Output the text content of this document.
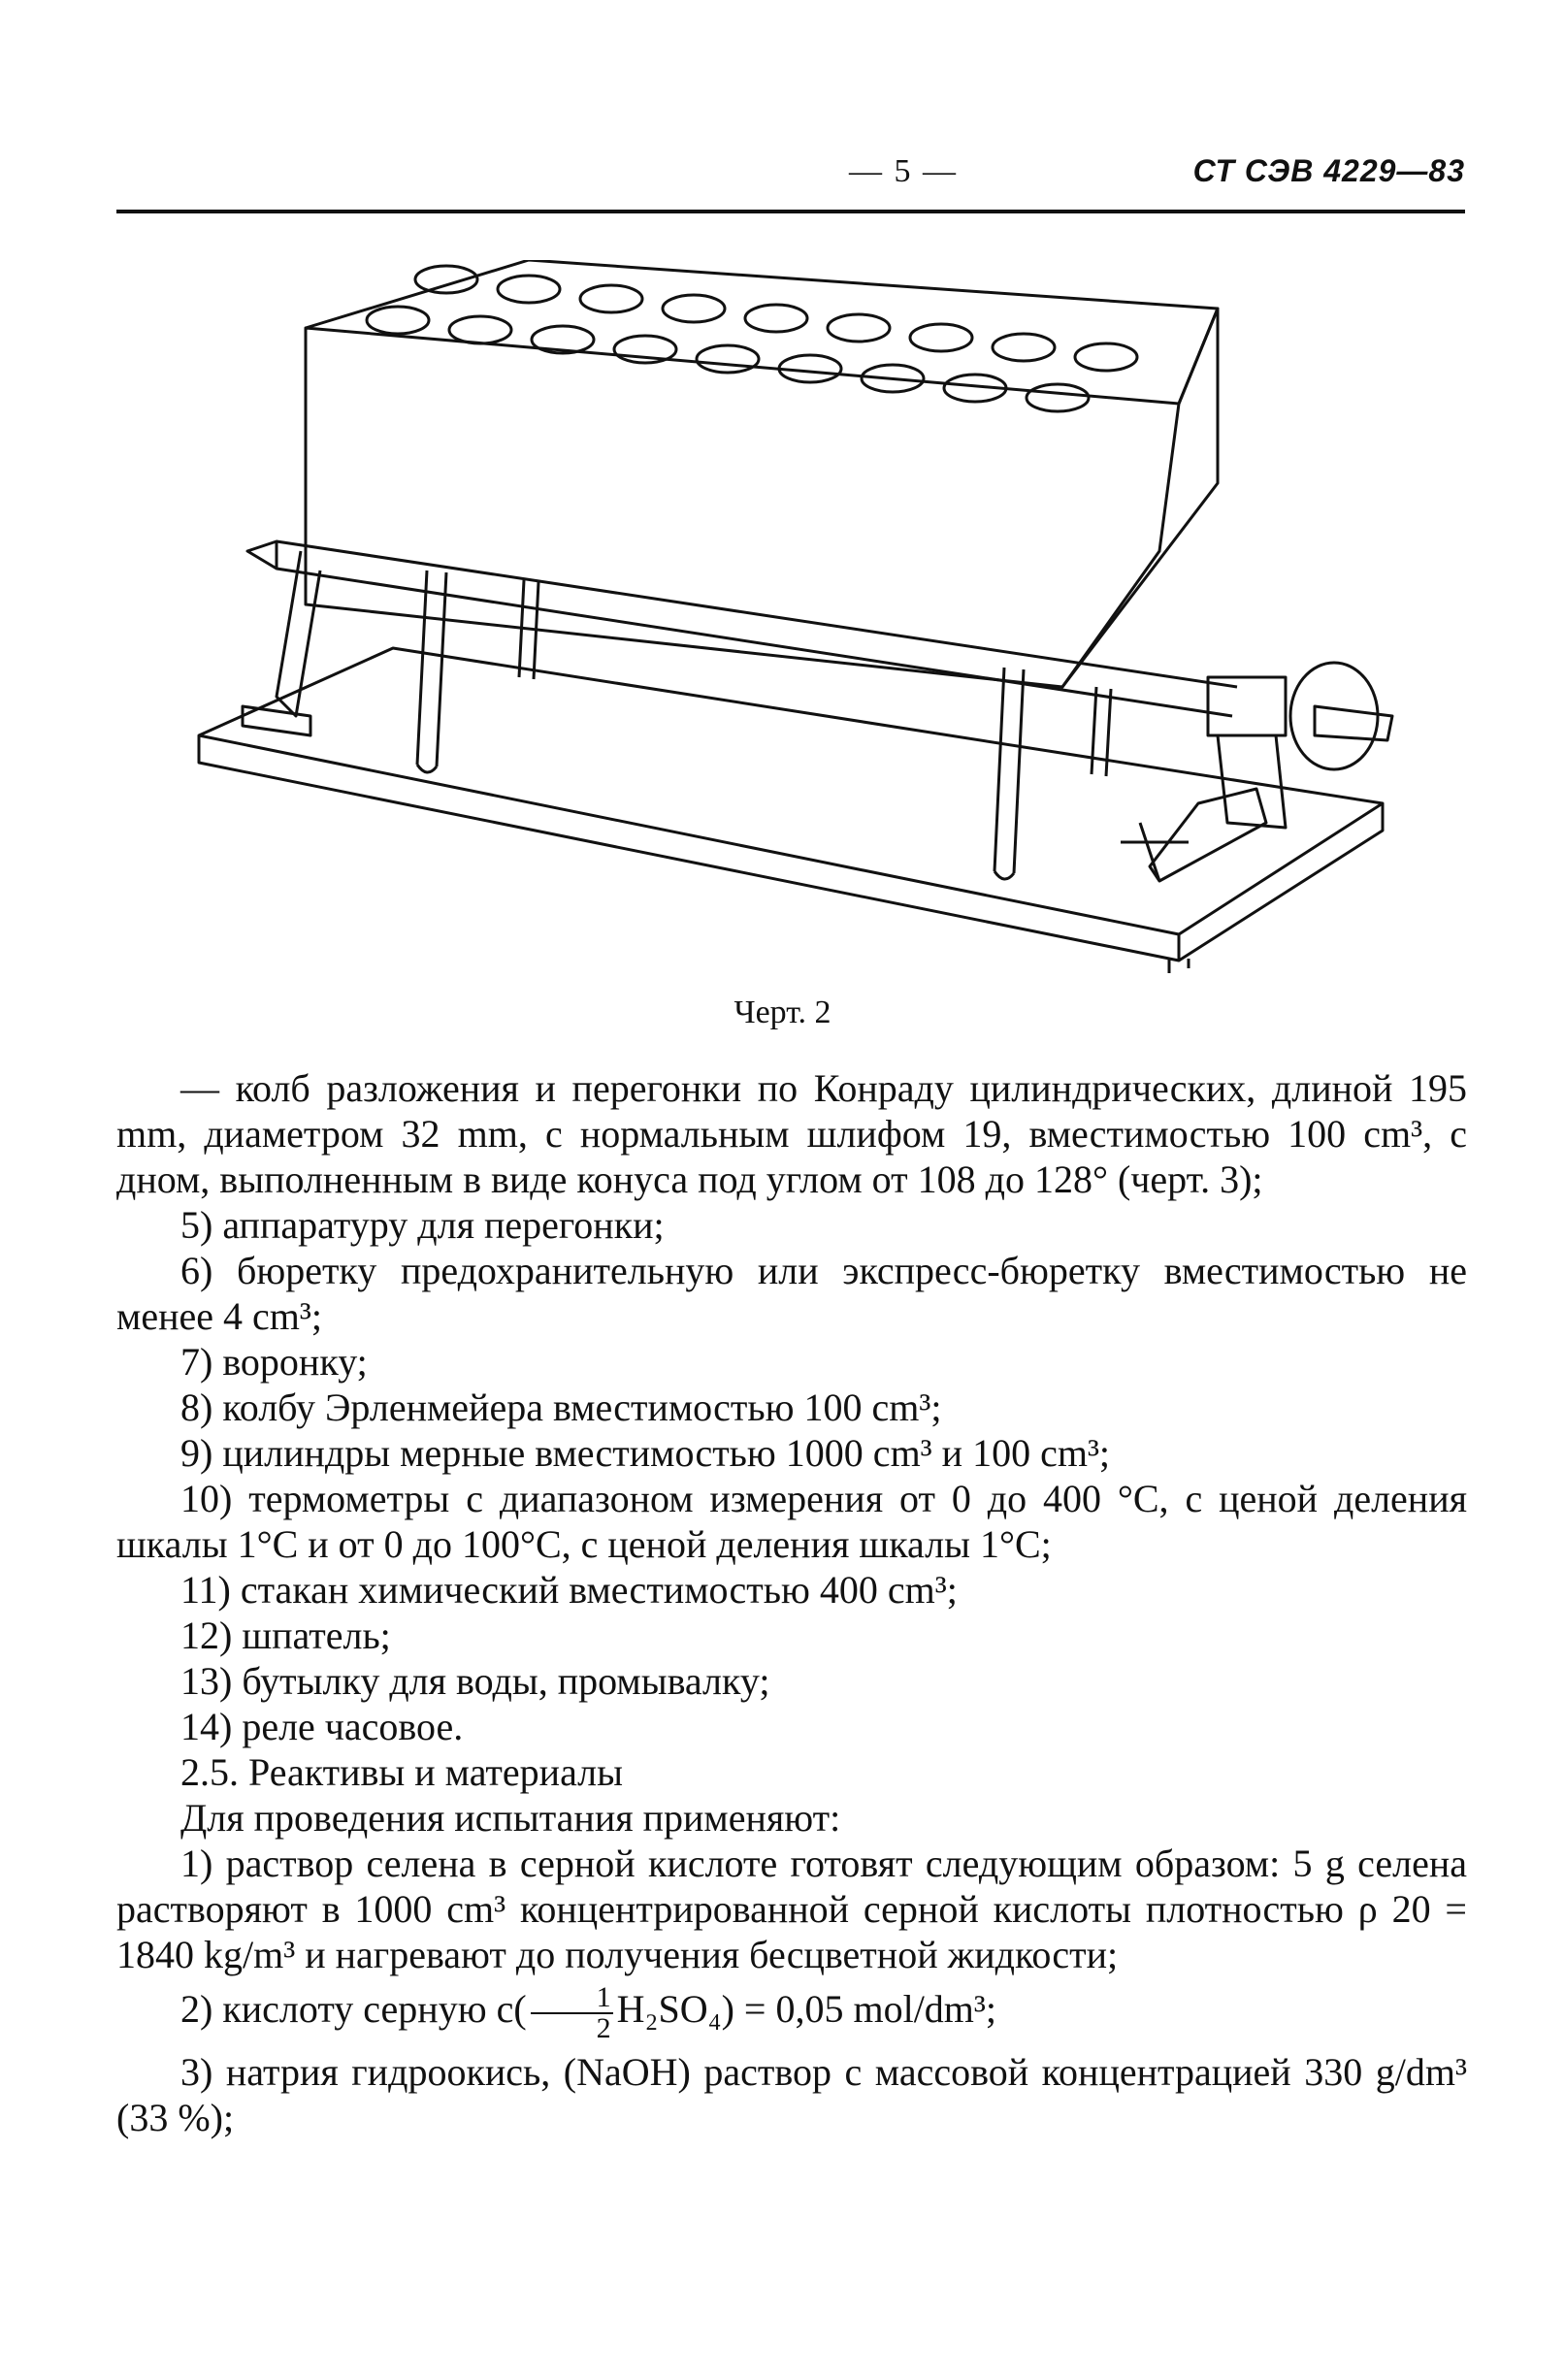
— 5 —	СТ СЭВ 4229—83
Черт. 2

— колб разложения и перегонки по Конраду цилиндрических, длиной 195 mm, диаметром 32 mm, с нормальным шлифом 19, вместимостью 100 cm³, с дном, выполненным в виде конуса под углом от 108 до 128° (черт. 3);

5) аппаратуру для перегонки;

6) бюретку предохранительную или экспресс-бюретку вместимостью не менее 4 cm³;

7) воронку;

8) колбу Эрленмейера вместимостью 100 cm³;

9) цилиндры мерные вместимостью 1000 cm³ и 100 cm³;

10) термометры с диапазоном измерения от 0 до 400 °C, с ценой деления шкалы 1°C и от 0 до 100°C, с ценой деления шкалы 1°C;

11) стакан химический вместимостью 400 cm³;

12) шпатель;

13) бутылку для воды, промывалку;

14) реле часовое.

2.5. Реактивы и материалы

Для проведения испытания применяют:

1) раствор селена в серной кислоте готовят следующим образом: 5 g селена растворяют в 1000 cm³ концентрированной серной кислоты плотностью ρ 20 = 1840 kg/m³ и нагревают до получения бесцветной жидкости;

2) кислоту серную $c( \frac{1}{2} H_2SO_4) = 0,05$ mol/dm³;

3) натрия гидроокись, (NaOH) раствор с массовой концентрацией 330 g/dm³ (33 %);
